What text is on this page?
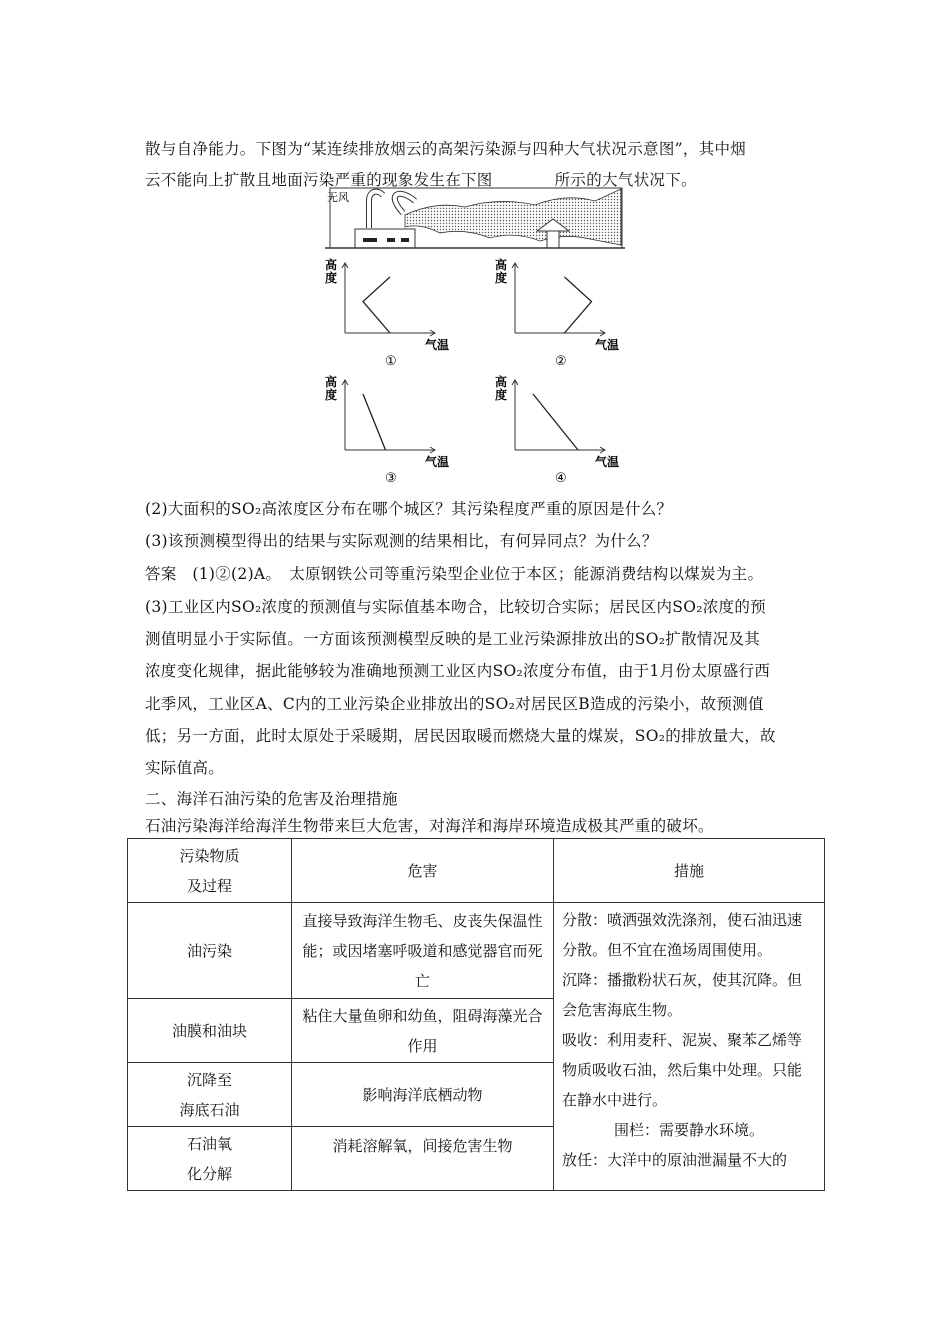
散与自净能力。下图为“某连续排放烟云的高架污染源与四种大气状况示意图”，其中烟
云不能向上扩散且地面污染严重的现象发生在下图	所示的大气状况下。
无风
高
度
气温
①
高
度
气温
②
高
度
气温
③
高
度
气温
④
(2)大面积的SO₂高浓度区分布在哪个城区？其污染程度严重的原因是什么？
(3)该预测模型得出的结果与实际观测的结果相比，有何异同点？为什么？
答案　(1)②(2)A。　太原钢铁公司等重污染型企业位于本区；能源消费结构以煤炭为主。
(3)工业区内SO₂浓度的预测值与实际值基本吻合，比较切合实际；居民区内SO₂浓度的预
测值明显小于实际值。一方面该预测模型反映的是工业污染源排放出的SO₂扩散情况及其
浓度变化规律，据此能够较为准确地预测工业区内SO₂浓度分布值，由于1月份太原盛行西
北季风，工业区A、C内的工业污染企业排放出的SO₂对居民区B造成的污染小，故预测值
低；另一方面，此时太原处于采暖期，居民因取暖而燃烧大量的煤炭，SO₂的排放量大，故
实际值高。
二、海洋石油污染的危害及治理措施
石油污染海洋给海洋生物带来巨大危害，对海洋和海岸环境造成极其严重的破坏。
污染物质
及过程	危害	措施
油污染	直接导致海洋生物毛、皮丧失保温性能；或因堵塞呼吸道和感觉器官而死亡	分散：喷洒强效洗涤剂，使石油迅速分散。但不宜在渔场周围使用。
沉降：播撒粉状石灰，使其沉降。但会危害海底生物。
吸收：利用麦秆、泥炭、聚苯乙烯等物质吸收石油，然后集中处理。只能在静水中进行。

围栏：需要静水环境。
放任：大洋中的原油泄漏量不大的
油膜和油块	粘住大量鱼卵和幼鱼，阻碍海藻光合作用	
沉降至
海底石油	影响海洋底栖动物	
石油氧
化分解	消耗溶解氧，间接危害生物	
